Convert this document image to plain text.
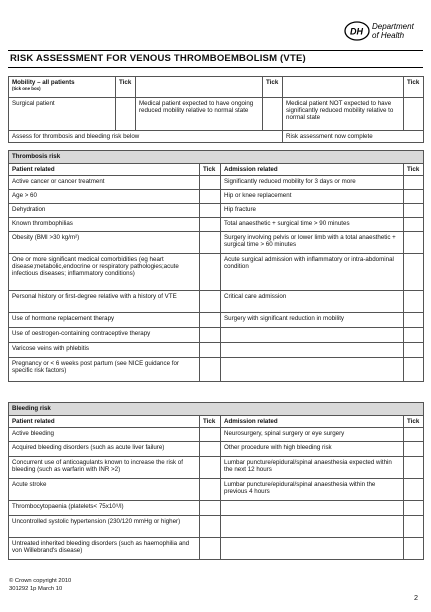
DH Department
of Health
RISK ASSESSMENT FOR VENOUS THROMBOEMBOLISM (VTE)
Mobility – all patients
(tick one box)	Tick		Tick		Tick
Surgical patient		Medical patient expected to have ongoing reduced mobility relative to normal state		Medical patient NOT expected to have significantly reduced mobility relative to normal state	
Assess for thrombosis and bleeding risk below				Risk assessment now complete	
Thrombosis risk			
Patient related	Tick	Admission related	Tick
Active cancer or cancer treatment		Significantly reduced mobility for 3 days or more	
Age > 60		Hip or knee replacement	
Dehydration		Hip fracture	
Known thrombophilias		Total anaesthetic + surgical time > 90 minutes	
Obesity (BMI >30 kg/m²)		Surgery involving pelvis or lower limb with a total anaesthetic + surgical time > 60 minutes	
One or more significant medical comorbidities (eg heart disease;metabolic,endocrine or respiratory pathologies;acute infectious diseases; inflammatory conditions)		Acute surgical admission with inflammatory or intra-abdominal condition	
Personal history or first-degree relative with a history of VTE		Critical care admission	
Use of hormone replacement therapy		Surgery with significant reduction in mobility	
Use of oestrogen-containing contraceptive therapy			
Varicose veins with phlebitis			
Pregnancy or < 6 weeks post partum (see NICE guidance for specific risk factors)			
Bleeding risk			
Patient related	Tick	Admission related	Tick
Active bleeding		Neurosurgery, spinal surgery or eye surgery	
Acquired bleeding disorders (such as acute liver failure)		Other procedure with high bleeding risk	
Concurrent use of anticoagulants known to increase the risk of bleeding (such as warfarin with INR >2)		Lumbar puncture/epidural/spinal anaesthesia expected within the next 12 hours	
Acute stroke		Lumbar puncture/epidural/spinal anaesthesia within the previous 4 hours	
Thrombocytopaenia (platelets< 75x10⁹/l)			
Uncontrolled systolic hypertension (230/120 mmHg or higher)			
Untreated inherited bleeding disorders (such as haemophilia and von Willebrand's disease)			
© Crown copyright 2010
301292 1p March 10
2
